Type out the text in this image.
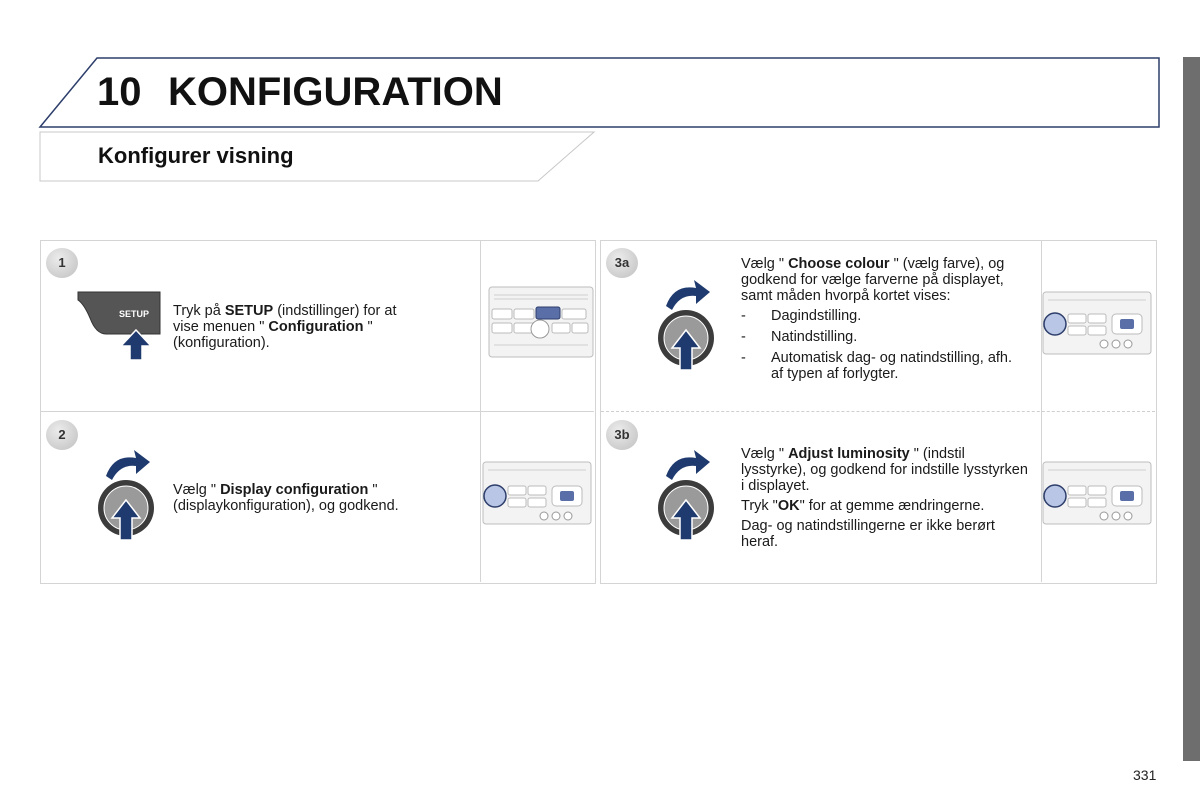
10 KONFIGURATION
Konfigurer visning
1
SETUP Tryk på SETUP (indstillinger) for at vise menuen " Configuration " (konfiguration).
2
Vælg " Display configuration " (displaykonfiguration), og godkend.
3a	Vælg " Choose colour " (vælg farve), og godkend for vælge farverne på displayet, samt måden hvorpå kortet vises:

- Dagindstilling.
- Natindstilling.
- Automatisk dag- og natindstilling, afh. af typen af forlygter.
3b

Vælg " Adjust luminosity " (indstil lysstyrke), og godkend for indstille lysstyrken i displayet.

Tryk "OK" for at gemme ændringerne.

Dag- og natindstillingerne er ikke berørt heraf.

331
